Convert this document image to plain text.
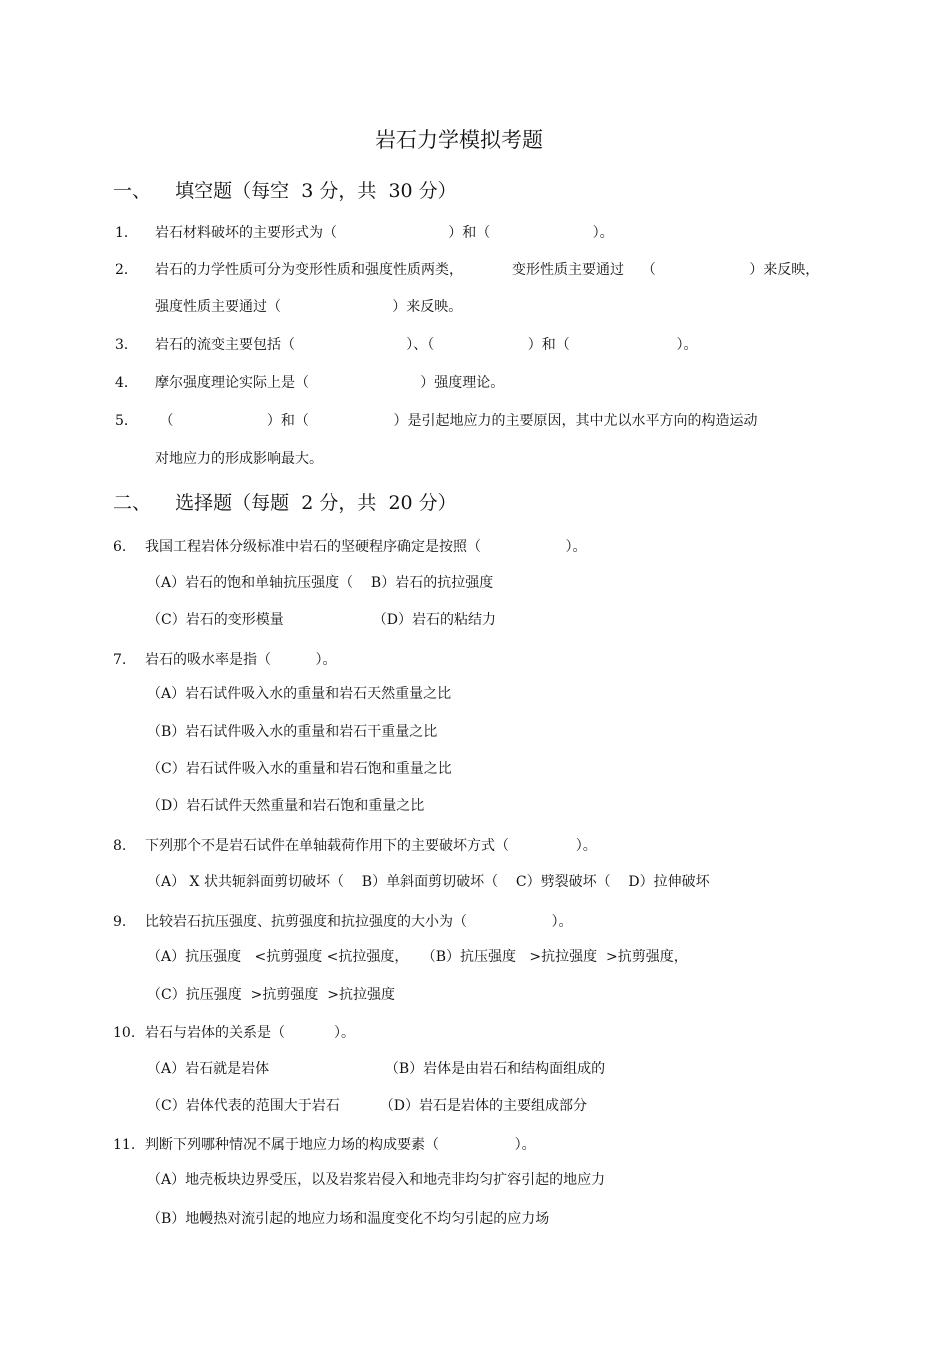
岩石力学模拟考题
一、    填空题（每空  3 分，共  30 分）
1． 岩石材料破坏的主要形式为（                         ）和（                       ）。
2． 岩石的力学性质可分为变形性质和强度性质两类，           变形性质主要通过    （                     ）来反映，
强度性质主要通过（                         ）来反映。
3． 岩石的流变主要包括（                         ）、（                     ）和（                        ）。
4． 摩尔强度理论实际上是（                         ）强度理论。
5． （                     ）和（                   ）是引起地应力的主要原因，其中尤以水平方向的构造运动
对地应力的形成影响最大。
二、    选择题（每题  2 分，共  20 分）
6. 我国工程岩体分级标准中岩石的坚硬程序确定是按照（                   ）。
（A）岩石的饱和单轴抗压强度（    B）岩石的抗拉强度
（C）岩石的变形模量                    （D）岩石的粘结力
7. 岩石的吸水率是指（          ）。
（A）岩石试件吸入水的重量和岩石天然重量之比
（B）岩石试件吸入水的重量和岩石干重量之比
（C）岩石试件吸入水的重量和岩石饱和重量之比
（D）岩石试件天然重量和岩石饱和重量之比
8. 下列那个不是岩石试件在单轴载荷作用下的主要破坏方式（               ）。
（A） X 状共轭斜面剪切破坏（    B）单斜面剪切破坏（    C）劈裂破坏（    D）拉伸破坏
9. 比较岩石抗压强度、抗剪强度和抗拉强度的大小为（                   ）。
（A）抗压强度   <抗剪强度 <抗拉强度，   （B）抗压强度   >抗拉强度  >抗剪强度，
（C）抗压强度  >抗剪强度  >抗拉强度
10. 岩石与岩体的关系是（           ）。
（A）岩石就是岩体                          （B）岩体是由岩石和结构面组成的
（C）岩体代表的范围大于岩石         （D）岩石是岩体的主要组成部分
11. 判断下列哪种情况不属于地应力场的构成要素（                 ）。
（A）地壳板块边界受压，以及岩浆岩侵入和地壳非均匀扩容引起的地应力
（B）地幔热对流引起的地应力场和温度变化不均匀引起的应力场
